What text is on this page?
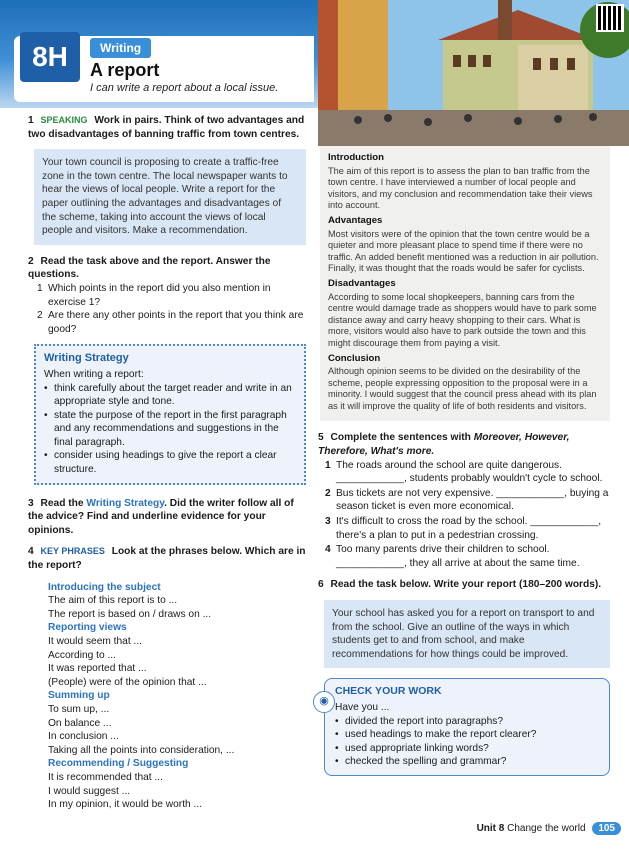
8H	Writing
A report
I can write a report about a local issue.
1 SPEAKING Work in pairs. Think of two advantages and two disadvantages of banning traffic from town centres.
Your town council is proposing to create a traffic-free zone in the town centre. The local newspaper wants to hear the views of local people. Write a report for the paper outlining the advantages and disadvantages of the scheme, taking into account the views of local people and visitors. Make a recommendation.
2 Read the task above and the report. Answer the questions.
1 Which points in the report did you also mention in exercise 1?
2 Are there any other points in the report that you think are good?
Writing Strategy
When writing a report:
• think carefully about the target reader and write in an appropriate style and tone.
• state the purpose of the report in the first paragraph and any recommendations and suggestions in the final paragraph.
• consider using headings to give the report a clear structure.
3 Read the Writing Strategy. Did the writer follow all of the advice? Find and underline evidence for your opinions.
4 KEY PHRASES Look at the phrases below. Which are in the report?
Introducing the subject
The aim of this report is to ...
The report is based on / draws on ...
Reporting views
It would seem that ...
According to ...
It was reported that ...
(People) were of the opinion that ...
Summing up
To sum up, ...
On balance ...
In conclusion ...
Taking all the points into consideration, ...
Recommending / Suggesting
It is recommended that ...
I would suggest ...
In my opinion, it would be worth ...
Introduction

The aim of this report is to assess the plan to ban traffic from the town centre. I have interviewed a number of local people and visitors, and my conclusion and recommendation take their views into account.

Advantages

Most visitors were of the opinion that the town centre would be a quieter and more pleasant place to spend time if there were no traffic. An added benefit mentioned was a reduction in air pollution. Finally, it was thought that the roads would be safer for cyclists.

Disadvantages

According to some local shopkeepers, banning cars from the centre would damage trade as shoppers would have to park some distance away and carry heavy shopping to their cars. What is more, visitors would also have to park outside the town and this might discourage them from paying a visit.

Conclusion

Although opinion seems to be divided on the desirability of the scheme, people expressing opposition to the proposal were in a minority. I would suggest that the council press ahead with its plan as it will improve the quality of life of both residents and visitors.

5 Complete the sentences with Moreover, However, Therefore, What's more.
1 The roads around the school are quite dangerous. ____________, students probably wouldn't cycle to school.
2 Bus tickets are not very expensive. ____________, buying a season ticket is even more economical.
3 It's difficult to cross the road by the school. ____________, there's a plan to put in a pedestrian crossing.
4 Too many parents drive their children to school. ____________, they all arrive at about the same time.
6 Read the task below. Write your report (180–200 words).
Your school has asked you for a report on transport to and from the school. Give an outline of the ways in which students get to and from school, and make recommendations for how things could be improved.
◉
CHECK YOUR WORK
Have you ...
• divided the report into paragraphs?
• used headings to make the report clearer?
• used appropriate linking words?
• checked the spelling and grammar?
Unit 8 Change the world 105
